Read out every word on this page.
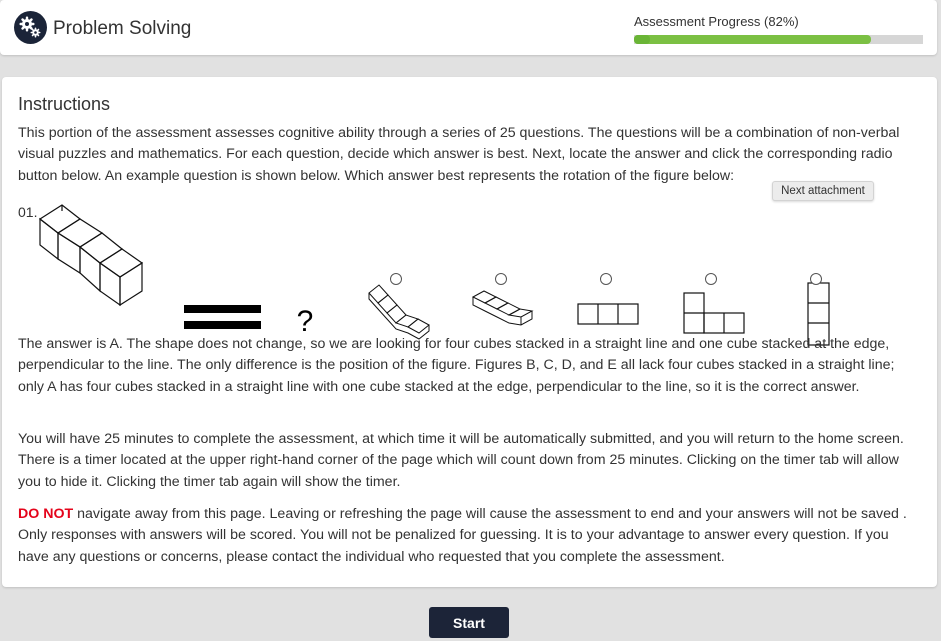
Problem Solving	Assessment Progress (82%)
Instructions
This portion of the assessment assesses cognitive ability through a series of 25 questions. The questions will be a combination of non-verbal visual puzzles and mathematics. For each question, decide which answer is best. Next, locate the answer and click the corresponding radio button below. An example question is shown below. Which answer best represents the rotation of the figure below:
01.
?
Next attachment
The answer is A. The shape does not change, so we are looking for four cubes stacked in a straight line and one cube stacked at the edge, perpendicular to the line. The only difference is the position of the figure. Figures B, C, D, and E all lack four cubes stacked in a straight line; only A has four cubes stacked in a straight line with one cube stacked at the edge, perpendicular to the line, so it is the correct answer.
You will have 25 minutes to complete the assessment, at which time it will be automatically submitted, and you will return to the home screen. There is a timer located at the upper right-hand corner of the page which will count down from 25 minutes. Clicking on the timer tab will allow you to hide it. Clicking the timer tab again will show the timer.
DO NOT navigate away from this page. Leaving or refreshing the page will cause the assessment to end and your answers will not be saved . Only responses with answers will be scored. You will not be penalized for guessing. It is to your advantage to answer every question. If you have any questions or concerns, please contact the individual who requested that you complete the assessment.
Start
